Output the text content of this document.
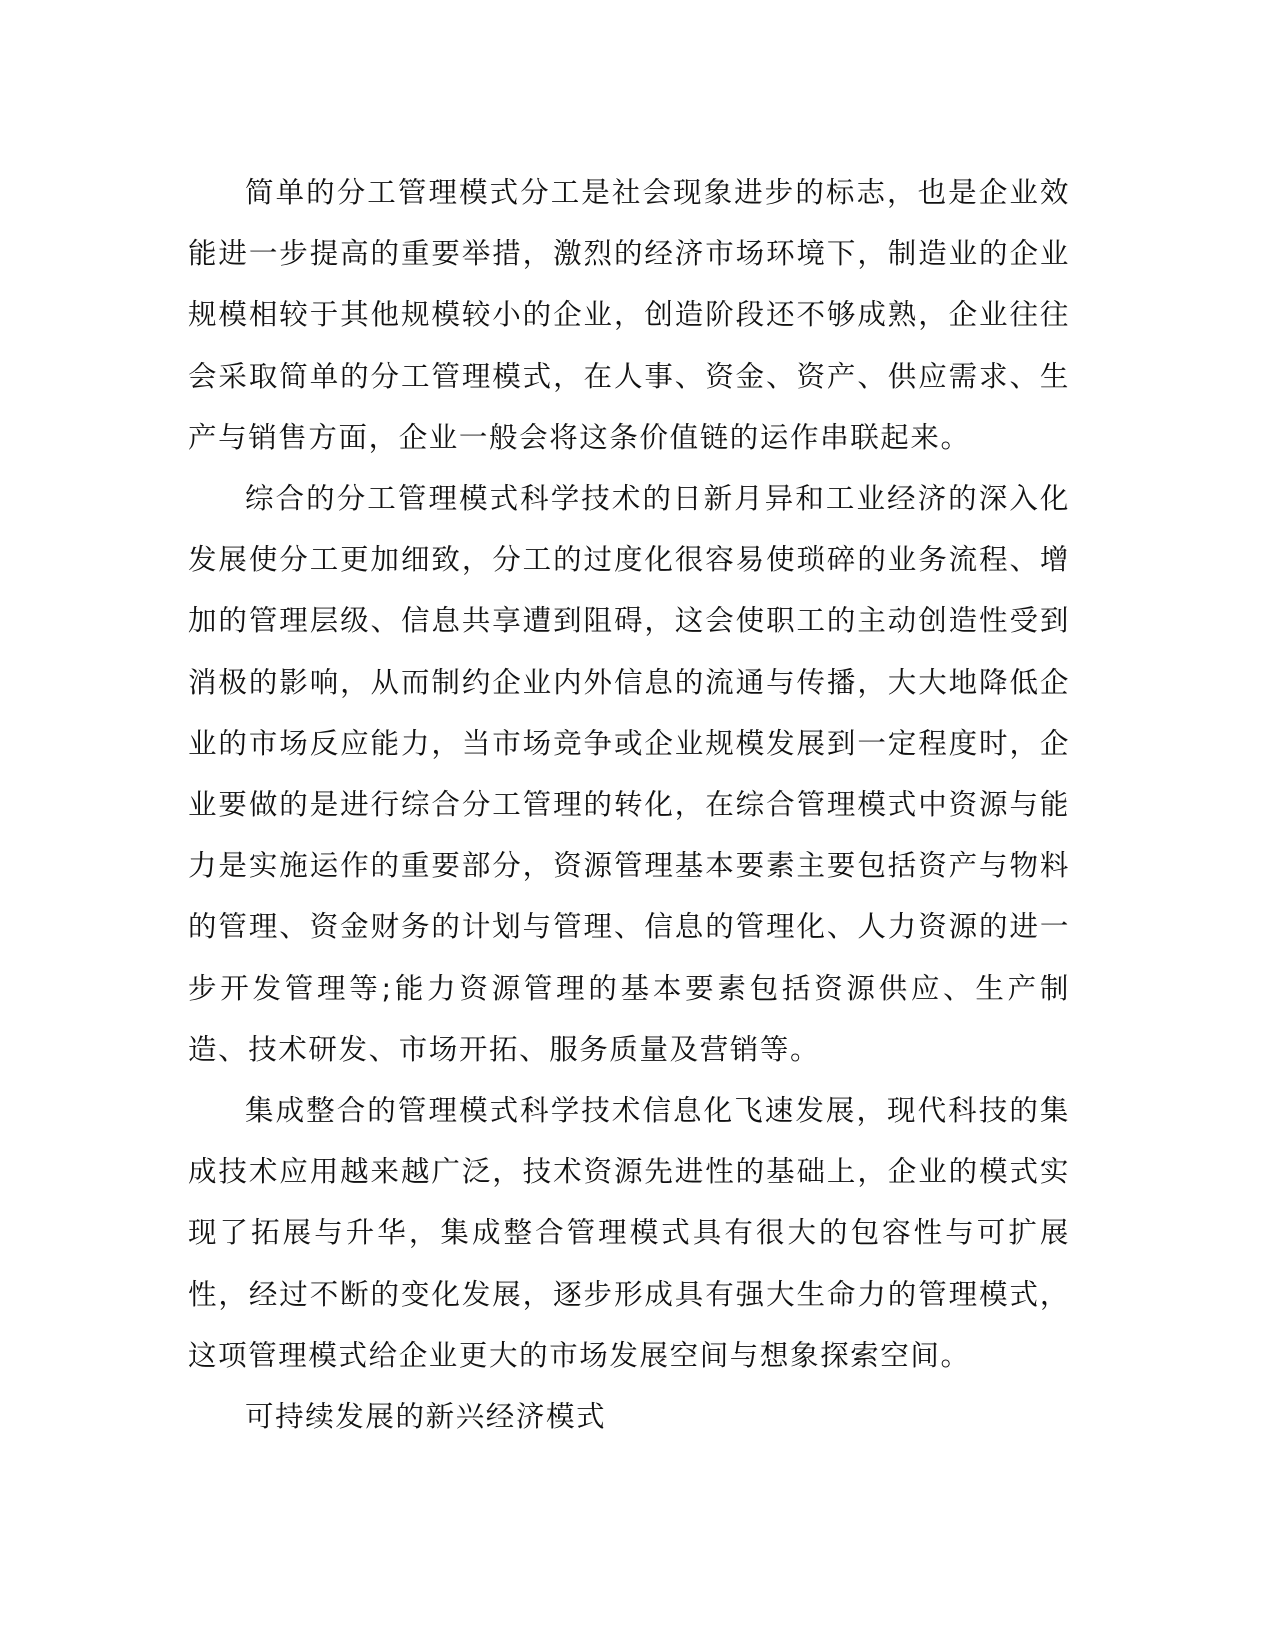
简单的分工管理模式分工是社会现象进步的标志，也是企业效能进一步提高的重要举措，激烈的经济市场环境下，制造业的企业规模相较于其他规模较小的企业，创造阶段还不够成熟，企业往往会采取简单的分工管理模式，在人事、资金、资产、供应需求、生产与销售方面，企业一般会将这条价值链的运作串联起来。

综合的分工管理模式科学技术的日新月异和工业经济的深入化发展使分工更加细致，分工的过度化很容易使琐碎的业务流程、增加的管理层级、信息共享遭到阻碍，这会使职工的主动创造性受到消极的影响，从而制约企业内外信息的流通与传播，大大地降低企业的市场反应能力，当市场竞争或企业规模发展到一定程度时，企业要做的是进行综合分工管理的转化，在综合管理模式中资源与能力是实施运作的重要部分，资源管理基本要素主要包括资产与物料的管理、资金财务的计划与管理、信息的管理化、人力资源的进一步开发管理等;能力资源管理的基本要素包括资源供应、生产制造、技术研发、市场开拓、服务质量及营销等。

集成整合的管理模式科学技术信息化飞速发展，现代科技的集成技术应用越来越广泛，技术资源先进性的基础上，企业的模式实现了拓展与升华，集成整合管理模式具有很大的包容性与可扩展性，经过不断的变化发展，逐步形成具有强大生命力的管理模式，这项管理模式给企业更大的市场发展空间与想象探索空间。

可持续发展的新兴经济模式
